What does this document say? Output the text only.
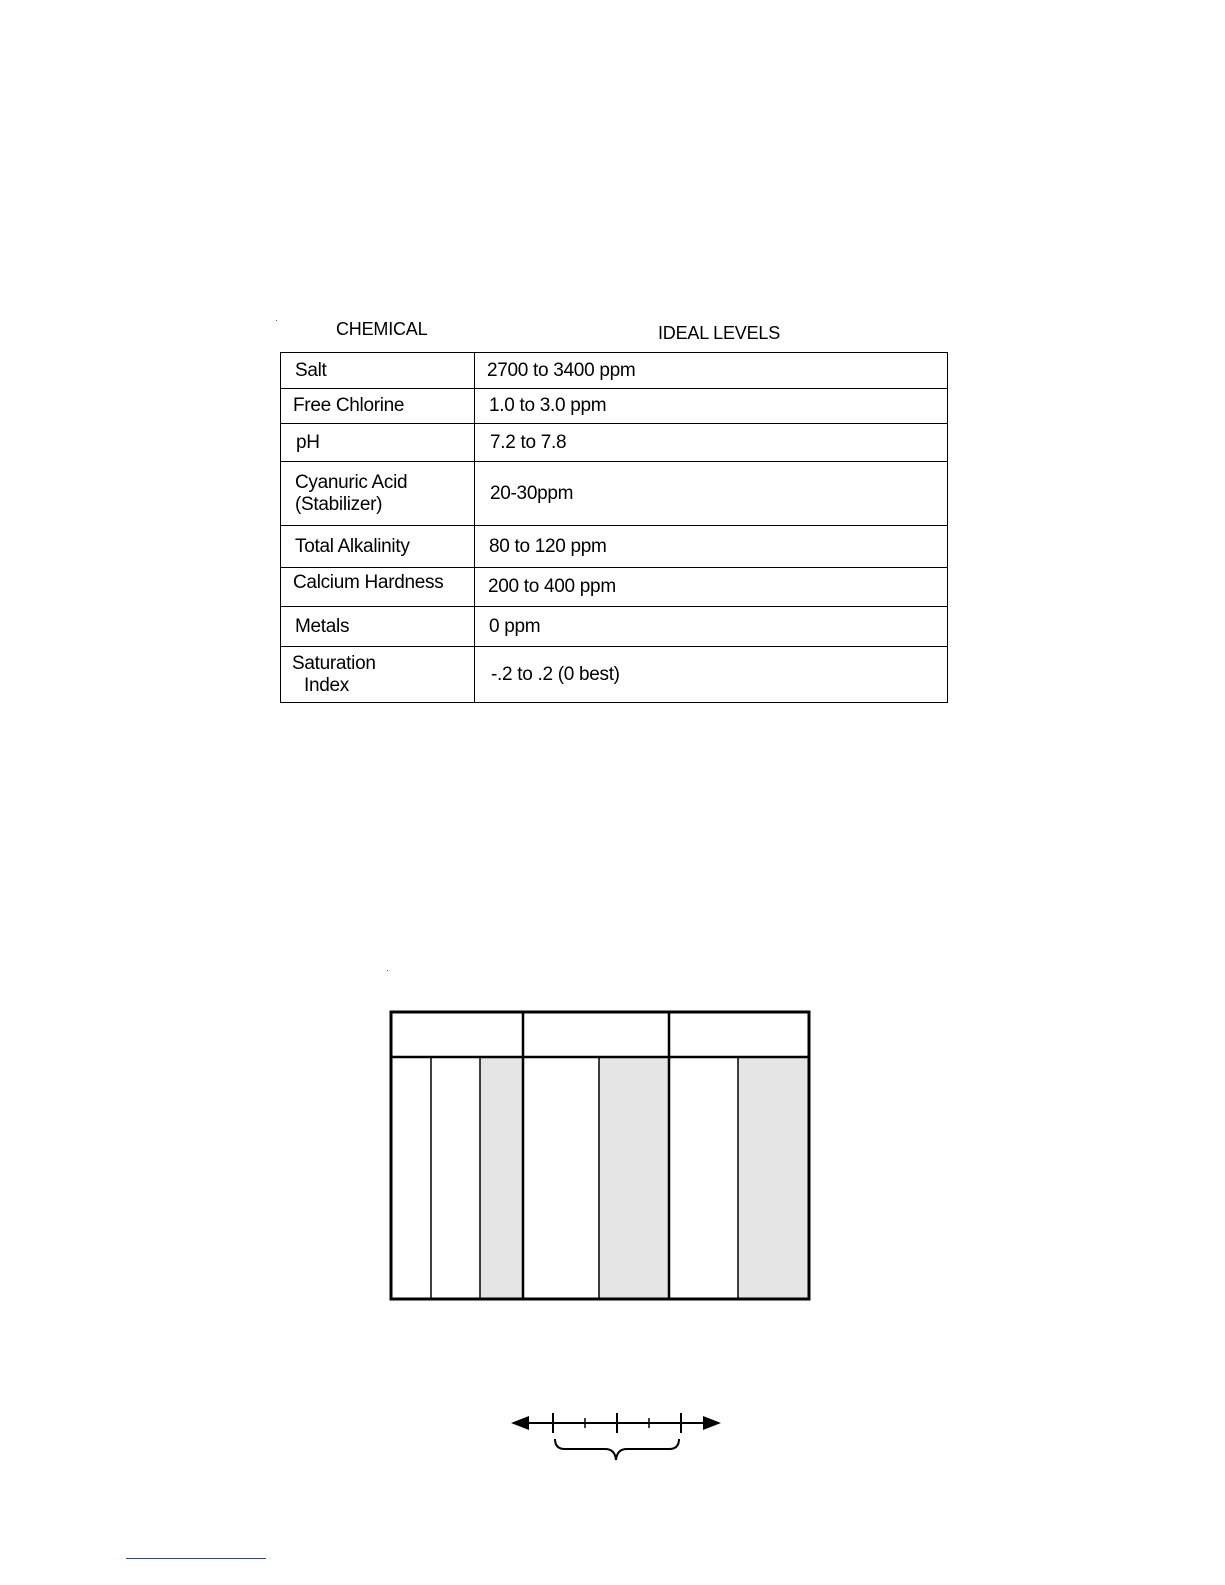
CHEMICAL	IDEAL LEVELS
Salt	2700 to 3400 ppm
Free Chlorine	1.0 to 3.0 ppm
pH	7.2 to 7.8
Cyanuric Acid
(Stabilizer)	20-30ppm
Total Alkalinity	80 to 120 ppm
Calcium Hardness	200 to 400 ppm
Metals	0 ppm
Saturation
Index	-.2 to .2 (0 best)
